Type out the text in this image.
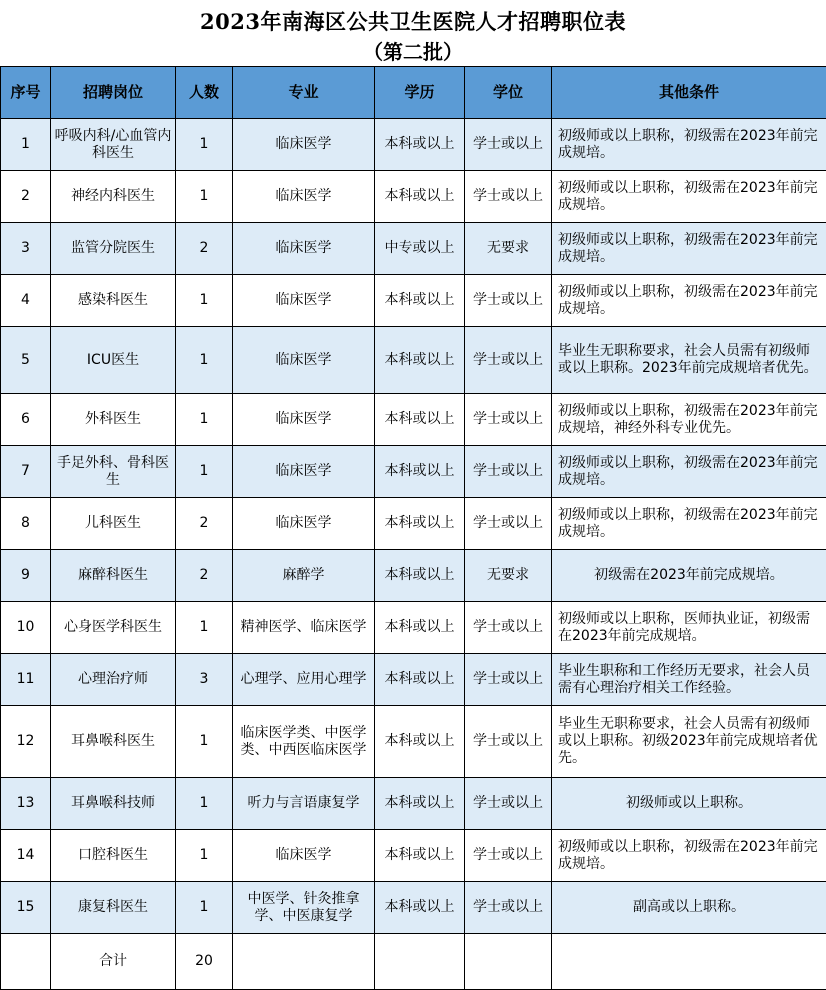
2023年南海区公共卫生医院人才招聘职位表
（第二批）
序号	招聘岗位	人数	专业	学历	学位	其他条件
1	呼吸内科/心血管内科医生	1	临床医学	本科或以上	学士或以上	初级师或以上职称，初级需在2023年前完成规培。
2	神经内科医生	1	临床医学	本科或以上	学士或以上	初级师或以上职称，初级需在2023年前完成规培。
3	监管分院医生	2	临床医学	中专或以上	无要求	初级师或以上职称，初级需在2023年前完成规培。
4	感染科医生	1	临床医学	本科或以上	学士或以上	初级师或以上职称，初级需在2023年前完成规培。
5	ICU医生	1	临床医学	本科或以上	学士或以上	毕业生无职称要求，社会人员需有初级师或以上职称。2023年前完成规培者优先。
6	外科医生	1	临床医学	本科或以上	学士或以上	初级师或以上职称，初级需在2023年前完成规培，神经外科专业优先。
7	手足外科、骨科医生	1	临床医学	本科或以上	学士或以上	初级师或以上职称，初级需在2023年前完成规培。
8	儿科医生	2	临床医学	本科或以上	学士或以上	初级师或以上职称，初级需在2023年前完成规培。
9	麻醉科医生	2	麻醉学	本科或以上	无要求	初级需在2023年前完成规培。
10	心身医学科医生	1	精神医学、临床医学	本科或以上	学士或以上	初级师或以上职称，医师执业证，初级需在2023年前完成规培。
11	心理治疗师	3	心理学、应用心理学	本科或以上	学士或以上	毕业生职称和工作经历无要求，社会人员需有心理治疗相关工作经验。
12	耳鼻喉科医生	1	临床医学类、中医学类、中西医临床医学	本科或以上	学士或以上	毕业生无职称要求，社会人员需有初级师或以上职称。初级2023年前完成规培者优先。
13	耳鼻喉科技师	1	听力与言语康复学	本科或以上	学士或以上	初级师或以上职称。
14	口腔科医生	1	临床医学	本科或以上	学士或以上	初级师或以上职称，初级需在2023年前完成规培。
15	康复科医生	1	中医学、针灸推拿学、中医康复学	本科或以上	学士或以上	副高或以上职称。
	合计	20				
